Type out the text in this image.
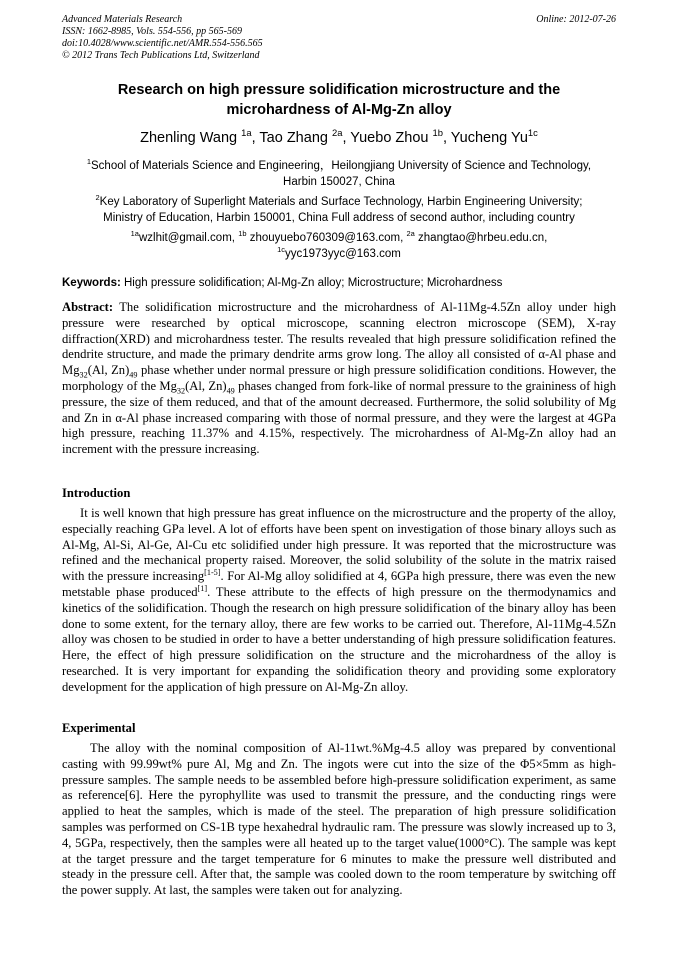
Advanced Materials Research
ISSN: 1662-8985, Vols. 554-556, pp 565-569
doi:10.4028/www.scientific.net/AMR.554-556.565
© 2012 Trans Tech Publications Ltd, Switzerland
Online: 2012-07-26
Research on high pressure solidification microstructure and the
microhardness of Al-Mg-Zn alloy
Zhenling Wang $^{1a}$, Tao Zhang $^{2a}$, Yuebo Zhou $^{1b}$, Yucheng $Yu^{1c}$
$^1$School of Materials Science and Engineering，Heilongjiang University of Science and Technology,
Harbin 150027, China
$^2$Key Laboratory of Superlight Materials and Surface Technology, Harbin Engineering University;
Ministry of Education, Harbin 150001, China Full address of second author, including country
$^{1a}$wzlhit@gmail.com, $^{1b}$ zhouyuebo760309@163.com, $^{2a}$ zhangtao@hrbeu.edu.cn,
$^{1c}$yyc1973yyc@163.com
Keywords: High pressure solidification; Al-Mg-Zn alloy; Microstructure; Microhardness
Abstract: The solidification microstructure and the microhardness of Al-11Mg-4.5Zn alloy under high pressure were researched by optical microscope, scanning electron microscope (SEM), X-ray diffraction(XRD) and microhardness tester. The results revealed that high pressure solidification refined the dendrite structure, and made the primary dendrite arms grow long. The alloy all consisted of α-Al phase and $Mg_{32}(Al$, $Zn)_{49}$ phase whether under normal pressure or high pressure solidification conditions. However, the morphology of the $Mg_{32}(Al$, $Zn)_{49}$ phases changed from fork-like of normal pressure to the graininess of high pressure, the size of them reduced, and that of the amount decreased. Furthermore, the solid solubility of Mg and Zn in α-Al phase increased comparing with those of normal pressure, and they were the largest at 4GPa high pressure, reaching 11.37% and 4.15%, respectively. The microhardness of Al-Mg-Zn alloy had an increment with the pressure increasing.
Introduction
It is well known that high pressure has great influence on the microstructure and the property of the alloy, especially reaching GPa level. A lot of efforts have been spent on investigation of those binary alloys such as Al-Mg, Al-Si, Al-Ge, Al-Cu etc solidified under high pressure. It was reported that the microstructure was refined and the mechanical property raised. Moreover, the solid solubility of the solute in the matrix raised with the pressure increasing[1-5]. For Al-Mg alloy solidified at 4, 6GPa high pressure, there was even the new metstable phase produced[1]. These attribute to the effects of high pressure on the thermodynamics and kinetics of the solidification. Though the research on high pressure solidification of the binary alloy has been done to some extent, for the ternary alloy, there are few works to be carried out. Therefore, Al-11Mg-4.5Zn alloy was chosen to be studied in order to have a better understanding of high pressure solidification features. Here, the effect of high pressure solidification on the structure and the microhardness of the alloy is researched. It is very important for expanding the solidification theory and providing some exploratory development for the application of high pressure on Al-Mg-Zn alloy.
Experimental
The alloy with the nominal composition of Al-11wt.%Mg-4.5 alloy was prepared by conventional casting with 99.99wt% pure Al, Mg and Zn. The ingots were cut into the size of the Φ5×5mm as high-pressure samples. The sample needs to be assembled before high-pressure solidification experiment, as same as reference[6]. Here the pyrophyllite was used to transmit the pressure, and the conducting rings were applied to heat the samples, which is made of the steel. The preparation of high pressure solidification samples was performed on CS-1B type hexahedral hydraulic ram. The pressure was slowly increased up to 3, 4, 5GPa, respectively, then the samples were all heated up to the target value(1000°C). The sample was kept at the target pressure and the target temperature for 6 minutes to make the pressure well distributed and steady in the pressure cell. After that, the sample was cooled down to the room temperature by switching off the power supply. At last, the samples were taken out for analyzing.
